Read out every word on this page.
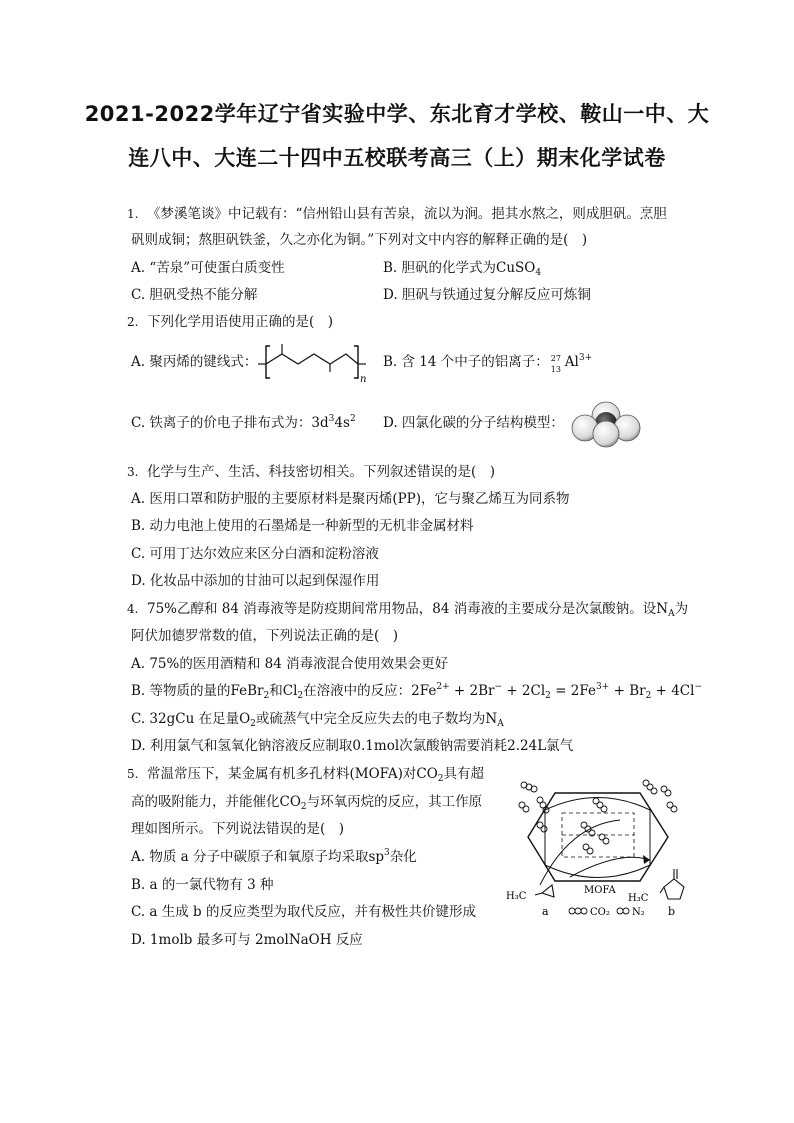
2021-2022学年辽宁省实验中学、东北育才学校、鞍山一中、大
连八中、大连二十四中五校联考高三（上）期末化学试卷
1. 《梦溪笔谈》中记载有：“信州铅山县有苦泉，流以为涧。挹其水熬之，则成胆矾。烹胆
矾则成铜；熬胆矾铁釜，久之亦化为铜。”下列对文中内容的解释正确的是(　)
A. “苦泉”可使蛋白质变性	B. 胆矾的化学式为CuSO$_4$
C. 胆矾受热不能分解	D. 胆矾与铁通过复分解反应可炼铜
2. 下列化学用语使用正确的是(　)
A. 聚丙烯的键线式：
n
B. 含 14 个中子的铝离子： 27
13 $Al^{3+}$
C. 铁离子的价电子排布式为：$3d^34s^2$ D. 四氯化碳的分子结构模型：
3. 化学与生产、生活、科技密切相关。下列叙述错误的是(　)
A. 医用口罩和防护服的主要原材料是聚丙烯(PP)，它与聚乙烯互为同系物
B. 动力电池上使用的石墨烯是一种新型的无机非金属材料
C. 可用丁达尔效应来区分白酒和淀粉溶液
D. 化妆品中添加的甘油可以起到保湿作用
4. 75%乙醇和 84 消毒液等是防疫期间常用物品，84 消毒液的主要成分是次氯酸钠。设$N_A$为
阿伏加德罗常数的值，下列说法正确的是(　)
A. 75%的医用酒精和 84 消毒液混合使用效果会更好
B. 等物质的量的FeBr$_2$和$Cl_2$在溶液中的反应：$2Fe^{2+} + 2Br^- + 2Cl_2 = 2Fe^{3+} + Br_2 + 4Cl^-$
C. 32gCu 在足量$O_2$或硫蒸气中完全反应失去的电子数均为$N_A$
D. 利用氯气和氢氧化钠溶液反应制取0.1mol次氯酸钠需要消耗2.24L氯气
5. 常温常压下，某金属有机多孔材料(MOFA)对$CO_2$具有超
高的吸附能力，并能催化$CO_2$与环氧丙烷的反应，其工作原
理如图所示。下列说法错误的是(　)
A. 物质 a 分子中碳原子和氧原子均采取$sp^3$杂化
B. a 的一氯代物有 3 种
C. a 生成 b 的反应类型为取代反应，并有极性共价键形成
D. 1molb 最多可与 2molNaOH 反应
H₃C
MOFA
a
H₃C
b
CO₂ N₂
